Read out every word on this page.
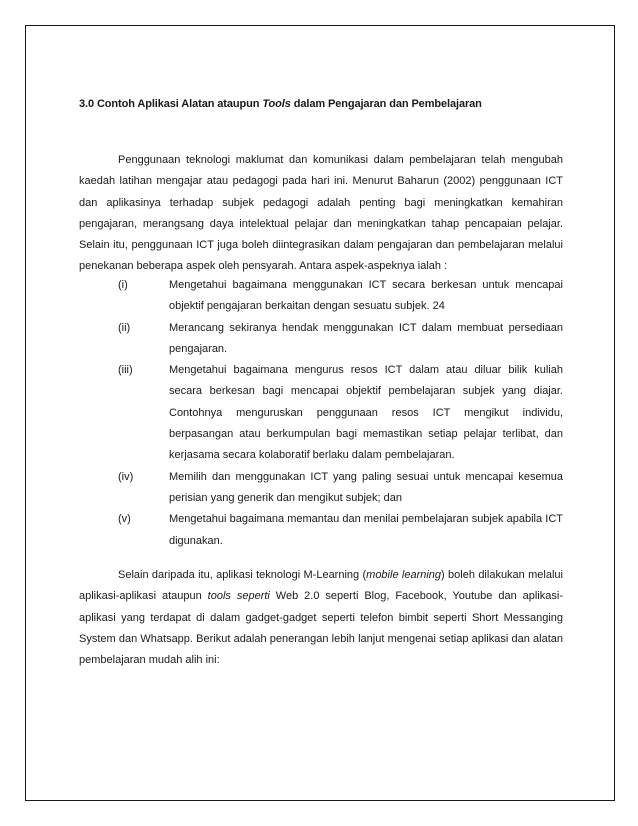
3.0 Contoh Aplikasi Alatan ataupun Tools dalam Pengajaran dan Pembelajaran

Penggunaan teknologi maklumat dan komunikasi dalam pembelajaran telah mengubah kaedah latihan mengajar atau pedagogi pada hari ini. Menurut Baharun (2002) penggunaan ICT dan aplikasinya terhadap subjek pedagogi adalah penting bagi meningkatkan kemahiran pengajaran, merangsang daya intelektual pelajar dan meningkatkan tahap pencapaian pelajar. Selain itu, penggunaan ICT juga boleh diintegrasikan dalam pengajaran dan pembelajaran melalui penekanan beberapa aspek oleh pensyarah. Antara aspek-aspeknya ialah :

(i)	Mengetahui bagaimana menggunakan ICT secara berkesan untuk mencapai objektif pengajaran berkaitan dengan sesuatu subjek. 24
(ii)	Merancang sekiranya hendak menggunakan ICT dalam membuat persediaan pengajaran.
(iii)	Mengetahui bagaimana mengurus resos ICT dalam atau diluar bilik kuliah secara berkesan bagi mencapai objektif pembelajaran subjek yang diajar. Contohnya menguruskan penggunaan resos ICT mengikut individu, berpasangan atau berkumpulan bagi memastikan setiap pelajar terlibat, dan kerjasama secara kolaboratif berlaku dalam pembelajaran.
(iv)	Memilih dan menggunakan ICT yang paling sesuai untuk mencapai kesemua perisian yang generik dan mengikut subjek; dan
(v)	Mengetahui bagaimana memantau dan menilai pembelajaran subjek apabila ICT digunakan.

Selain daripada itu, aplikasi teknologi M-Learning (mobile learning) boleh dilakukan melalui aplikasi-aplikasi ataupun tools seperti Web 2.0 seperti Blog, Facebook, Youtube dan aplikasi-aplikasi yang terdapat di dalam gadget-gadget seperti telefon bimbit seperti Short Messanging System dan Whatsapp. Berikut adalah penerangan lebih lanjut mengenai setiap aplikasi dan alatan pembelajaran mudah alih ini:
